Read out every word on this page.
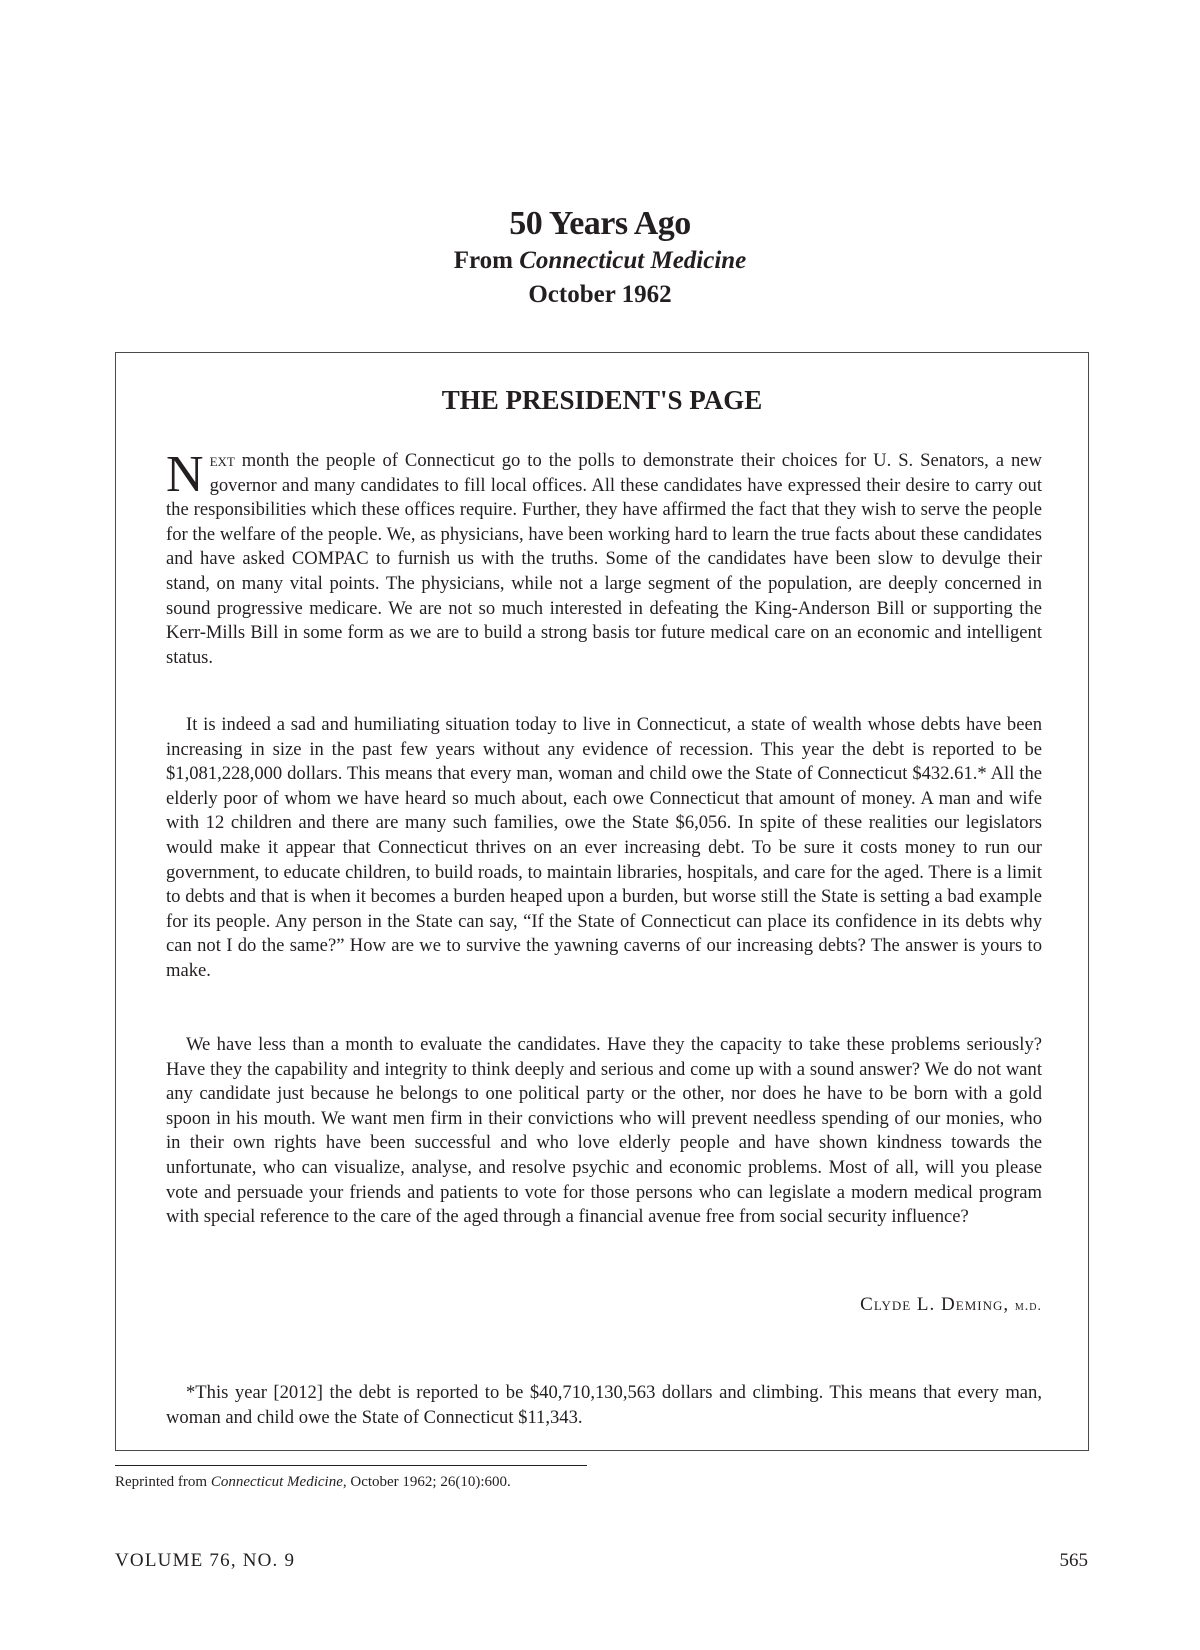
50 Years Ago
From Connecticut Medicine
October 1962
THE PRESIDENT'S PAGE
Next month the people of Connecticut go to the polls to demonstrate their choices for U. S. Senators, a new governor and many candidates to fill local offices. All these candidates have expressed their desire to carry out the responsibilities which these offices require. Further, they have affirmed the fact that they wish to serve the people for the welfare of the people. We, as physicians, have been working hard to learn the true facts about these candidates and have asked COMPAC to furnish us with the truths. Some of the candidates have been slow to devulge their stand, on many vital points. The physicians, while not a large segment of the population, are deeply concerned in sound progressive medicare. We are not so much interested in defeating the King-Anderson Bill or supporting the Kerr-Mills Bill in some form as we are to build a strong basis tor future medical care on an economic and intelligent status.
It is indeed a sad and humiliating situation today to live in Connecticut, a state of wealth whose debts have been increasing in size in the past few years without any evidence of recession. This year the debt is reported to be $1,081,228,000 dollars. This means that every man, woman and child owe the State of Connecticut $432.61.* All the elderly poor of whom we have heard so much about, each owe Connecticut that amount of money. A man and wife with 12 children and there are many such families, owe the State $6,056. In spite of these realities our legislators would make it appear that Connecticut thrives on an ever increasing debt. To be sure it costs money to run our government, to educate children, to build roads, to maintain libraries, hospitals, and care for the aged. There is a limit to debts and that is when it becomes a burden heaped upon a burden, but worse still the State is setting a bad example for its people. Any person in the State can say, “If the State of Connecticut can place its confidence in its debts why can not I do the same?” How are we to survive the yawning caverns of our increasing debts? The answer is yours to make.
We have less than a month to evaluate the candidates. Have they the capacity to take these problems seriously? Have they the capability and integrity to think deeply and serious and come up with a sound answer? We do not want any candidate just because he belongs to one political party or the other, nor does he have to be born with a gold spoon in his mouth. We want men firm in their convictions who will prevent needless spending of our monies, who in their own rights have been successful and who love elderly people and have shown kindness towards the unfortunate, who can visualize, analyse, and resolve psychic and economic problems. Most of all, will you please vote and persuade your friends and patients to vote for those persons who can legislate a modern medical program with special reference to the care of the aged through a financial avenue free from social security influence?
Clyde L. Deming, m.d.
*This year [2012] the debt is reported to be $40,710,130,563 dollars and climbing. This means that every man, woman and child owe the State of Connecticut $11,343.
Reprinted from Connecticut Medicine, October 1962; 26(10):600.
VOLUME 76, NO. 9	565
